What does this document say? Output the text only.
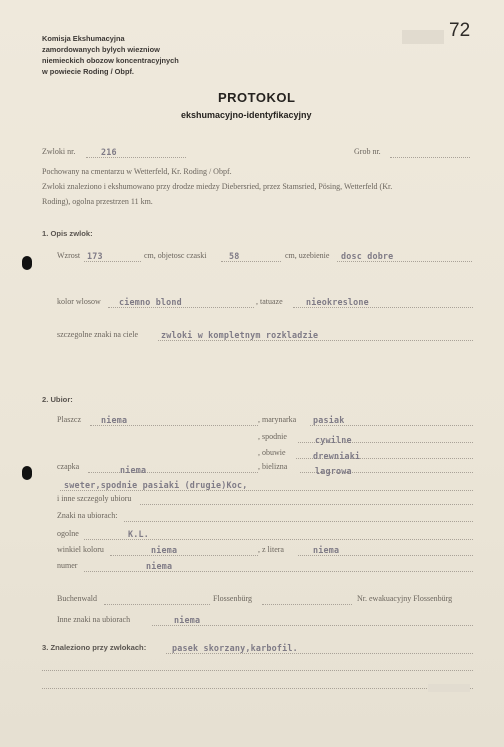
Komisja Ekshumacyjna
zamordowanych bylych wiezniow
niemieckich obozow koncentracyjnych
w powiecie Roding / Obpf.
72
PROTOKOL
ekshumacyjno-identyfikacyjny
Zwloki nr.	216	Grob nr.
Pochowany na cmentarzu w Wetterfeld, Kr. Roding / Obpf.
Zwloki znaleziono i ekshumowano przy drodze miedzy Diebersried, przez Stamsried, Pösing, Wetterfeld (Kr.
Roding), ogolna przestrzen 11 km.
1. Opis zwlok:
Wzrost 173	cm, objetosc czaski	58	cm, uzebienie dosc dobre
kolor wlosow ciemno blond	, tatuaze	nieokreslone
szczegolne znaki na ciele	zwloki w kompletnym rozkladzie
2. Ubior:
Plaszcz niema	, marynarka pasiak
, spodnie	cywilne
, obuwie	drewniaki
czapka	niema	, bielizna	lagrowa
sweter,spodnie pasiaki (drugie)Koc,
i inne szczegoly ubioru
Znaki na ubiorach:
ogolne	K.L.
winkiel koloru	niema	, z litera	niema
numer	niema
Buchenwald	Flossenbürg	Nr. ewakuacyjny Flossenbürg
Inne znaki na ubiorach	niema
3. Znaleziono przy zwlokach:	pasek skorzany,karbofil.
